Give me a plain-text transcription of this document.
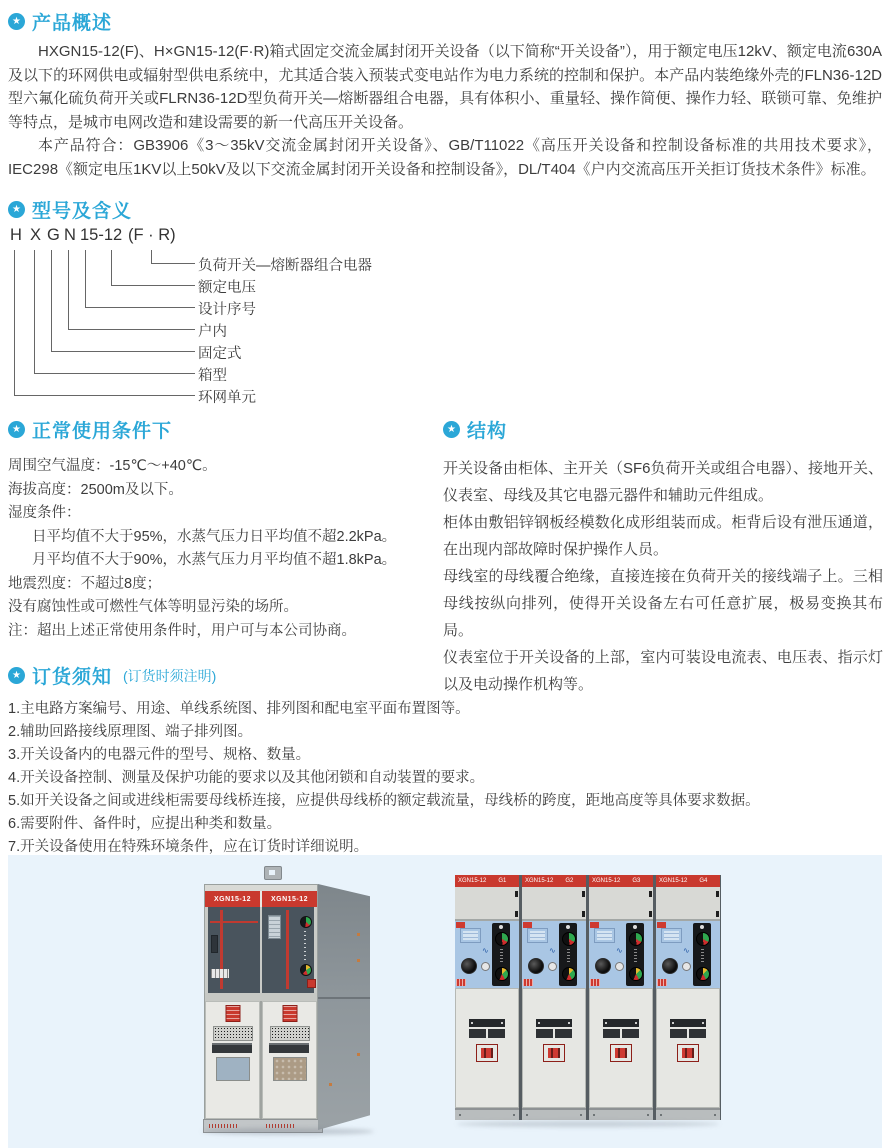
★
产品概述

HXGN15-12(F)、H×GN15-12(F·R)箱式固定交流金属封闭开关设备（以下简称“开关设备”），用于额定电压12kV、额定电流630A及以下的环网供电或辐射型供电系统中，尤其适合装入预装式变电站作为电力系统的控制和保护。本产品内装绝缘外壳的FLN36-12D型六氟化硫负荷开关或FLRN36-12D型负荷开关—熔断器组合电器，具有体积小、重量轻、操作简便、操作力轻、联锁可靠、免维护等特点，是城市电网改造和建设需要的新一代高压开关设备。

本产品符合：GB3906《3～35kV交流金属封闭开关设备》、GB/T11022《高压开关设备和控制设备标准的共用技术要求》，IEC298《额定电压1KV以上50kV及以下交流金属封闭开关设备和控制设备》，DL/T404《户内交流高压开关拒订货技术条件》标准。

★
型号及含义
H X G N 15-12 (F · R)
负荷开关—熔断器组合电器
额定电压
设计序号
户内
固定式
箱型
环网单元
★
正常使用条件下
周围空气温度：-15℃～+40℃。
海拔高度：2500m及以下。
湿度条件：
日平均值不大于95%，水蒸气压力日平均值不超2.2kPa。
月平均值不大于90%，水蒸气压力月平均值不超1.8kPa。
地震烈度：不超过8度；
没有腐蚀性或可燃性气体等明显污染的场所。
注：超出上述正常使用条件时，用户可与本公司协商。
★
结构

开关设备由柜体、主开关（SF6负荷开关或组合电器）、接地开关、仪表室、母线及其它电器元器件和辅助元件组成。

柜体由敷铝锌钢板经模数化成形组装而成。柜背后设有泄压通道，在出现内部故障时保护操作人员。

母线室的母线覆合绝缘，直接连接在负荷开关的接线端子上。三相母线按纵向排列，使得开关设备左右可任意扩展，极易变换其布局。

仪表室位于开关设备的上部，室内可装设电流表、电压表、指示灯以及电动操作机构等。

★
订货须知 (订货时须注明)
1.主电路方案编号、用途、单线系统图、排列图和配电室平面布置图等。
2.辅助回路接线原理图、端子排列图。
3.开关设备内的电器元件的型号、规格、数量。
4.开关设备控制、测量及保护功能的要求以及其他闭锁和自动装置的要求。
5.如开关设备之间或进线柜需要母线桥连接，应提供母线桥的额定载流量，母线桥的跨度，距地高度等具体要求数据。
6.需要附件、备件时，应提出种类和数量。
7.开关设备使用在特殊环境条件，应在订货时详细说明。
XGN15-12	XGN15-12
XGN15-12 G1
∿	XGN15-12 G2
∿	XGN15-12 G3
∿	XGN15-12 G4
∿
